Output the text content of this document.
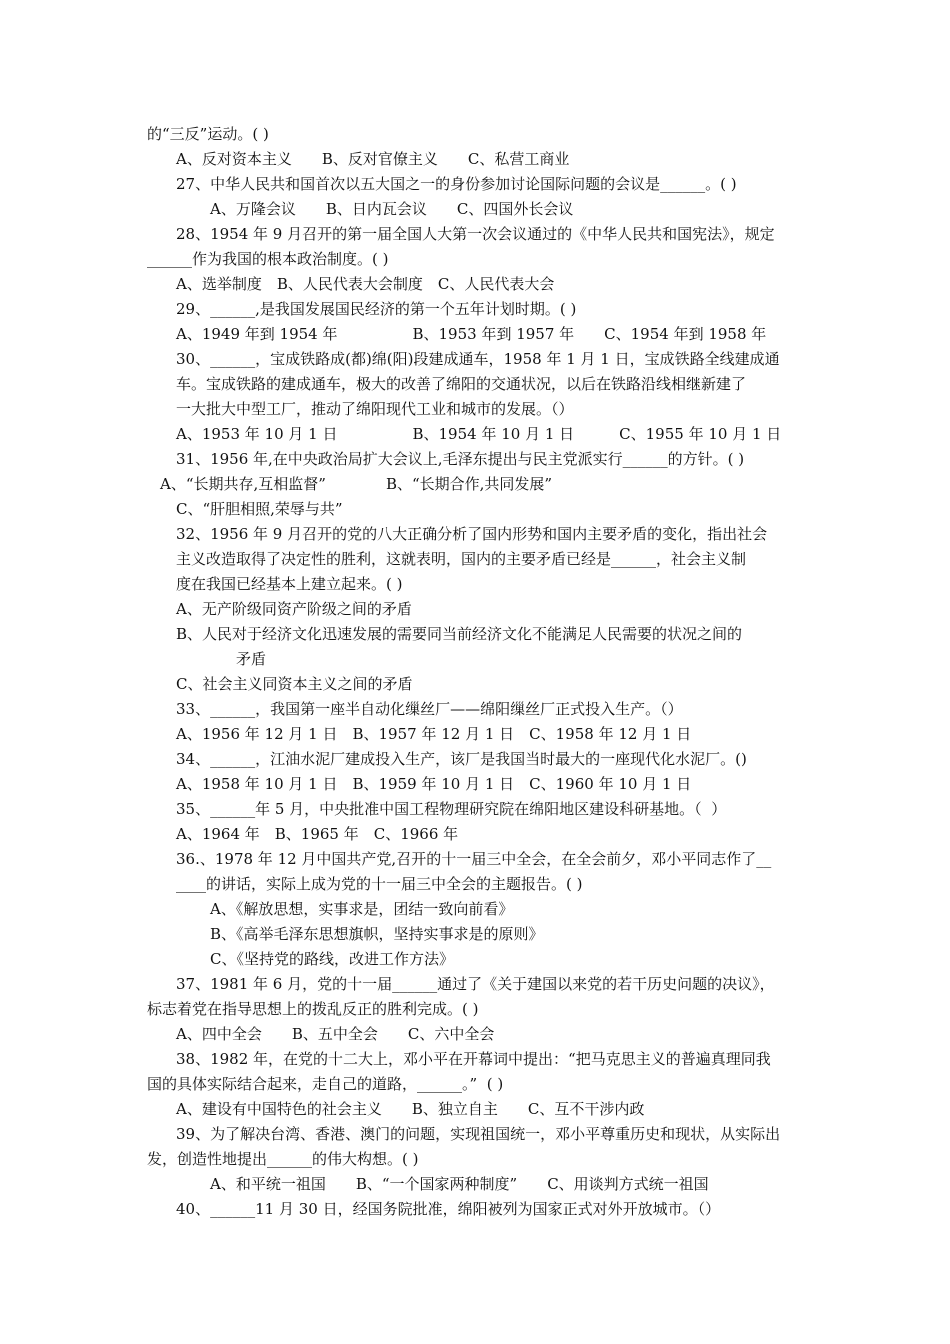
的“三反”运动。( )
A、反对资本主义　　B、反对官僚主义　　C、私营工商业
27、中华人民共和国首次以五大国之一的身份参加讨论国际问题的会议是______。( )
A、万隆会议　　B、日内瓦会议　　C、四国外长会议
28、1954 年 9 月召开的第一届全国人大第一次会议通过的《中华人民共和国宪法》，规定
______作为我国的根本政治制度。( )
A、选举制度　B、人民代表大会制度　C、人民代表大会
29、______,是我国发展国民经济的第一个五年计划时期。( )
A、1949 年到 1954 年　　　　　B、1953 年到 1957 年　　C、1954 年到 1958 年
30、______，宝成铁路成(都)绵(阳)段建成通车，1958 年 1 月 1 日，宝成铁路全线建成通
车。宝成铁路的建成通车，极大的改善了绵阳的交通状况，以后在铁路沿线相继新建了
一大批大中型工厂，推动了绵阳现代工业和城市的发展。（）
A、1953 年 10 月 1 日　　　　　B、1954 年 10 月 1 日　　　C、1955 年 10 月 1 日
31、1956 年,在中央政治局扩大会议上,毛泽东提出与民主党派实行______的方针。( )
A、“长期共存,互相监督”　　　　B、“长期合作,共同发展”
C、“肝胆相照,荣辱与共”
32、1956 年 9 月召开的党的八大正确分析了国内形势和国内主要矛盾的变化，指出社会
主义改造取得了决定性的胜利，这就表明，国内的主要矛盾已经是______，社会主义制
度在我国已经基本上建立起来。( )
A、无产阶级同资产阶级之间的矛盾
B、人民对于经济文化迅速发展的需要同当前经济文化不能满足人民需要的状况之间的
矛盾
C、社会主义同资本主义之间的矛盾
33、______，我国第一座半自动化缫丝厂——绵阳缫丝厂正式投入生产。（）
A、1956 年 12 月 1 日　B、1957 年 12 月 1 日　C、1958 年 12 月 1 日
34、______，江油水泥厂建成投入生产，该厂是我国当时最大的一座现代化水泥厂。()
A、1958 年 10 月 1 日　B、1959 年 10 月 1 日　C、1960 年 10 月 1 日
35、______年 5 月，中央批准中国工程物理研究院在绵阳地区建设科研基地。（  ）
A、1964 年　B、1965 年　C、1966 年
36.、1978 年 12 月中国共产党,召开的十一届三中全会，在全会前夕，邓小平同志作了__
____的讲话，实际上成为党的十一届三中全会的主题报告。( )
A、《解放思想，实事求是，团结一致向前看》
B、《高举毛泽东思想旗帜，坚持实事求是的原则》
C、《坚持党的路线，改进工作方法》
37、1981 年 6 月，党的十一届______通过了《关于建国以来党的若干历史问题的决议》，
标志着党在指导思想上的拨乱反正的胜利完成。( )
A、四中全会　　B、五中全会　　C、六中全会
38、1982 年，在党的十二大上，邓小平在开幕词中提出：“把马克思主义的普遍真理同我
国的具体实际结合起来，走自己的道路，______。”  ( )
A、建设有中国特色的社会主义　　B、独立自主　　C、互不干涉内政
39、为了解决台湾、香港、澳门的问题，实现祖国统一，邓小平尊重历史和现状，从实际出
发，创造性地提出______的伟大构想。( )
A、和平统一祖国　　B、“一个国家两种制度”　　C、用谈判方式统一祖国
40、______11 月 30 日，经国务院批准，绵阳被列为国家正式对外开放城市。（）
